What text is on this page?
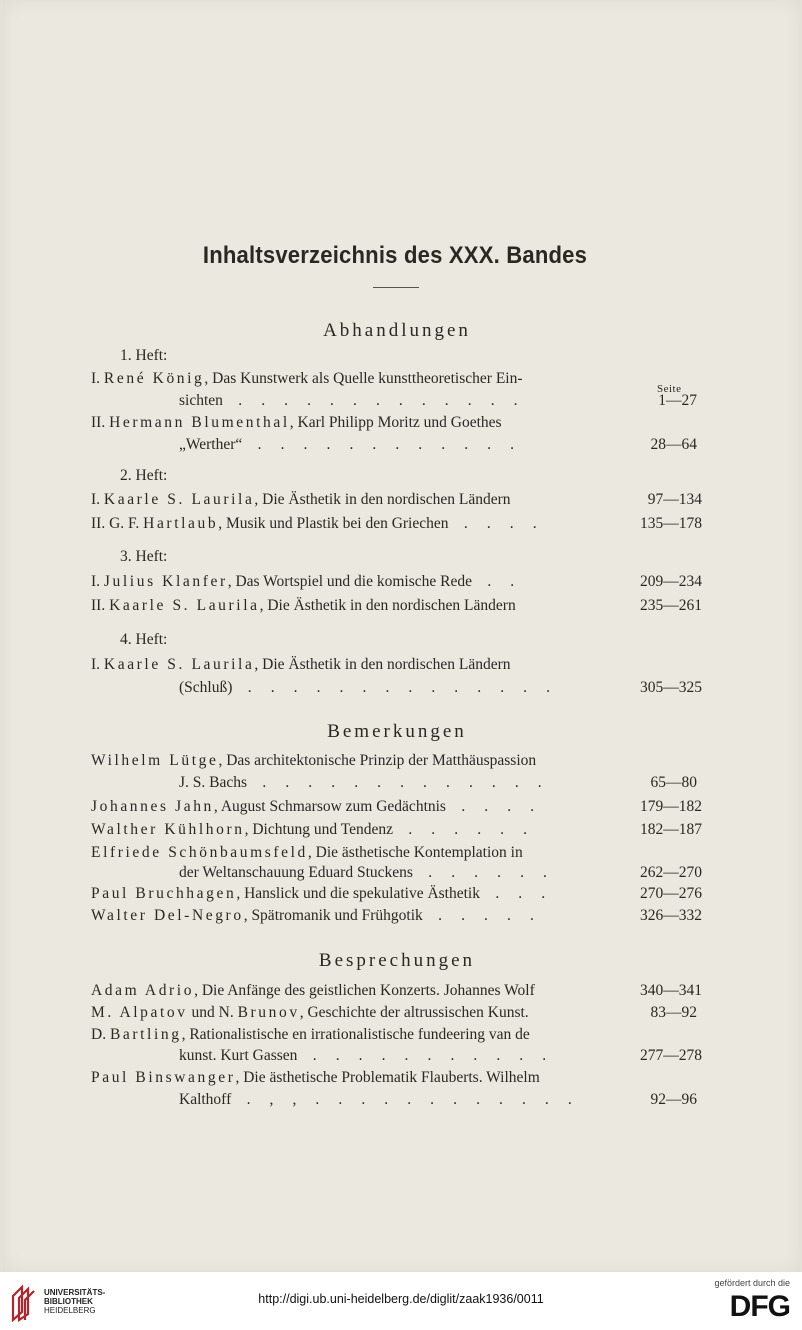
Inhaltsverzeichnis des XXX. Bandes
Abhandlungen
Seite
1. Heft:
I. René König, Das Kunstwerk als Quelle kunsttheoretischer Ein-
sichten  . . . . . . . . . . . . .	1—27
II. Hermann Blumenthal, Karl Philipp Moritz und Goethes
„Werther“  . . . . . . . . . . . .	28—64
2. Heft:
I. Kaarle S. Laurila, Die Ästhetik in den nordischen Ländern	97—134
II. G. F. Hartlaub, Musik und Plastik bei den Griechen  . . . .	135—178
3. Heft:
I. Julius Klanfer, Das Wortspiel und die komische Rede  . .	209—234
II. Kaarle S. Laurila, Die Ästhetik in den nordischen Ländern	235—261
4. Heft:
I. Kaarle S. Laurila, Die Ästhetik in den nordischen Ländern
(Schluß)  . . . . . . . . . . . . . .	305—325
Bemerkungen
Wilhelm Lütge, Das architektonische Prinzip der Matthäuspassion
J. S. Bachs  . . . . . . . . . . . . .	65—80
Johannes Jahn, August Schmarsow zum Gedächtnis  . . . .	179—182
Walther Kühlhorn, Dichtung und Tendenz  . . . . . .	182—187
Elfriede Schönbaumsfeld, Die ästhetische Kontemplation in
der Weltanschauung Eduard Stuckens  . . . . . .	262—270
Paul Bruchhagen, Hanslick und die spekulative Ästhetik  . . .	270—276
Walter Del-Negro, Spätromanik und Frühgotik  . . . . .	326—332
Besprechungen
Adam Adrio, Die Anfänge des geistlichen Konzerts. Johannes Wolf	340—341
M. Alpatov und N. Brunov, Geschichte der altrussischen Kunst.	83—92
D. Bartling, Rationalistische en irrationalistische fundeering van de
kunst. Kurt Gassen  . . . . . . . . . . .	277—278
Paul Binswanger, Die ästhetische Problematik Flauberts. Wilhelm
Kalthoff  . , , . . . . . . . . . . . .	92—96
UNIVERSITÄTS-
BIBLIOTHEK
HEIDELBERG
http://digi.ub.uni-heidelberg.de/diglit/zaak1936/0011
gefördert durch die
DFG
